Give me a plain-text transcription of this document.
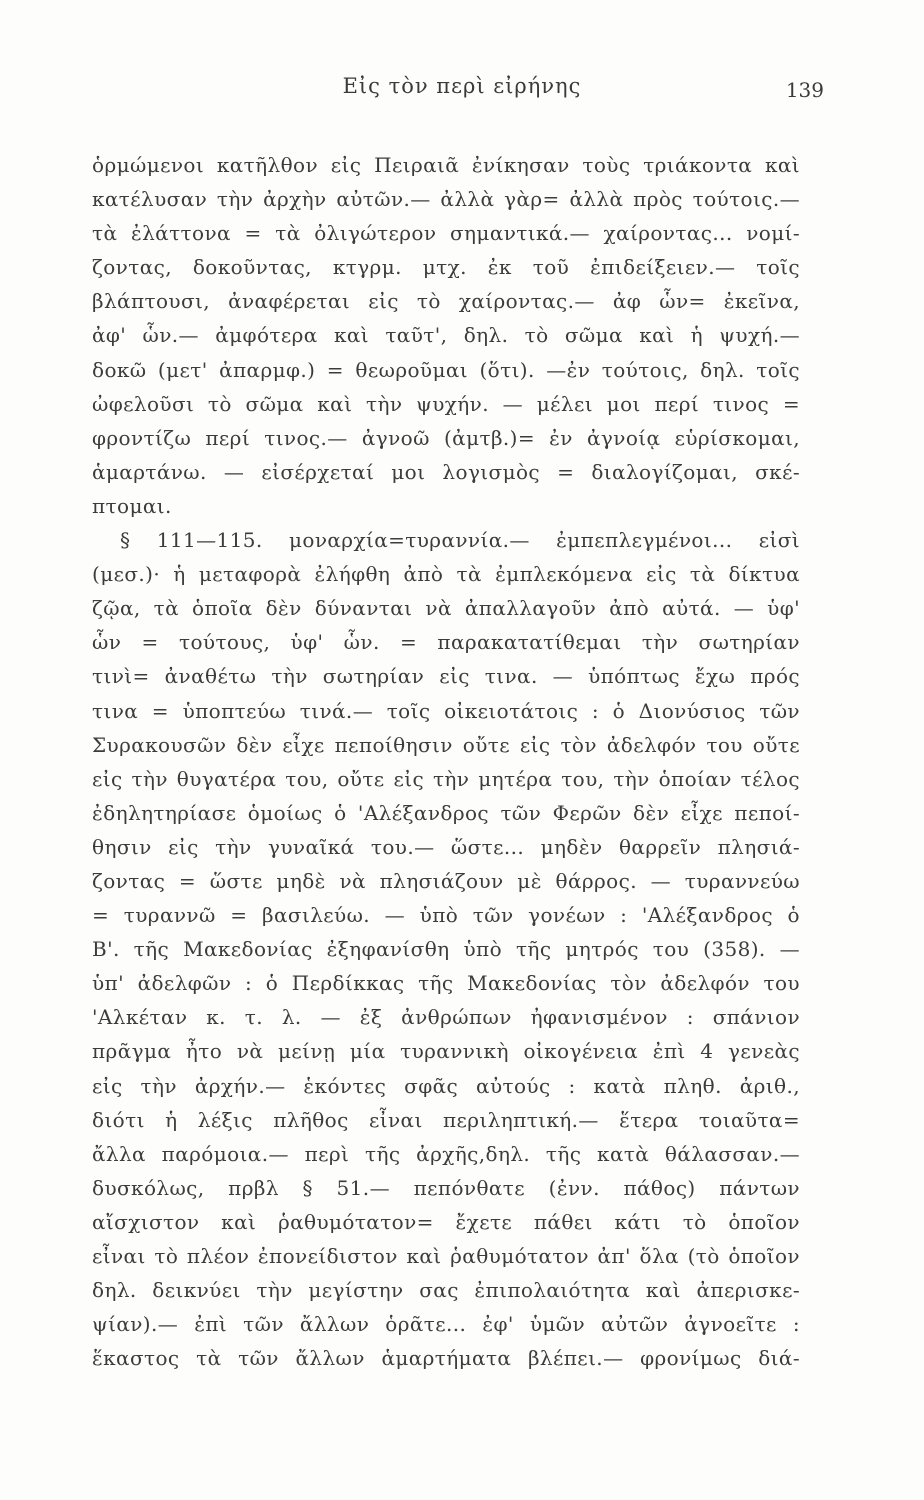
Εἰς τὸν περὶ εἰρήνης	139
ὁρμώμενοι κατῆλθον εἰς Πειραιᾶ ἐνίκησαν τοὺς τριάκοντα καὶ
κατέλυσαν τὴν ἀρχὴν αὐτῶν.— ἀλλὰ γὰρ= ἀλλὰ πρὸς τούτοις.—
τὰ ἐλάττονα = τὰ ὀλιγώτερον σημαντικά.— χαίροντας... νομί-
ζοντας, δοκοῦντας, κτγρμ. μτχ. ἐκ τοῦ ἐπιδείξειεν.— τοῖς
βλάπτουσι, ἀναφέρεται εἰς τὸ χαίροντας.— ἀφ ὧν= ἐκεῖνα,
ἀφ' ὧν.— ἀμφότερα καὶ ταῦτ', δηλ. τὸ σῶμα καὶ ἡ ψυχή.—
δοκῶ (μετ' ἀπαρμφ.) = θεωροῦμαι (ὅτι). —ἐν τούτοις, δηλ. τοῖς
ὠφελοῦσι τὸ σῶμα καὶ τὴν ψυχήν. — μέλει μοι περί τινος =
φροντίζω περί τινος.— ἀγνοῶ (ἀμτβ.)= ἐν ἀγνοίᾳ εὑρίσκομαι,
ἁμαρτάνω. — εἰσέρχεταί μοι λογισμὸς = διαλογίζομαι, σκέ-
πτομαι.
§ 111—115. μοναρχία=τυραννία.— ἐμπεπλεγμένοι... εἰσὶ
(μεσ.)· ἡ μεταφορὰ ἐλήφθη ἀπὸ τὰ ἐμπλεκόμενα εἰς τὰ δίκτυα
ζῷα, τὰ ὁποῖα δὲν δύνανται νὰ ἀπαλλαγοῦν ἀπὸ αὐτά. — ὑφ'
ὧν = τούτους, ὑφ' ὧν. = παρακατατίθεμαι τὴν σωτηρίαν
τινὶ= ἀναθέτω τὴν σωτηρίαν εἰς τινα. — ὑπόπτως ἔχω πρός
τινα = ὑποπτεύω τινά.— τοῖς οἰκειοτάτοις : ὁ Διονύσιος τῶν
Συρακουσῶν δὲν εἶχε πεποίθησιν οὔτε εἰς τὸν ἀδελφόν του οὔτε
εἰς τὴν θυγατέρα του, οὔτε εἰς τὴν μητέρα του, τὴν ὁποίαν τέλος
ἐδηλητηρίασε ὁμοίως ὁ 'Αλέξανδρος τῶν Φερῶν δὲν εἶχε πεποί-
θησιν εἰς τὴν γυναῖκά του.— ὥστε... μηδὲν θαρρεῖν πλησιά-
ζοντας = ὥστε μηδὲ νὰ πλησιάζουν μὲ θάρρος. — τυραννεύω
= τυραννῶ = βασιλεύω. — ὑπὸ τῶν γονέων : 'Αλέξανδρος ὁ
Β'. τῆς Μακεδονίας ἐξηφανίσθη ὑπὸ τῆς μητρός του (358). —
ὑπ' ἀδελφῶν : ὁ Περδίκκας τῆς Μακεδονίας τὸν ἀδελφόν του
'Αλκέταν κ. τ. λ. — ἐξ ἀνθρώπων ἠφανισμένον : σπάνιον
πρᾶγμα ἦτο νὰ μείνῃ μία τυραννικὴ οἰκογένεια ἐπὶ 4 γενεὰς
εἰς τὴν ἀρχήν.— ἑκόντες σφᾶς αὐτούς : κατὰ πληθ. ἀριθ.,
διότι ἡ λέξις πλῆθος εἶναι περιληπτική.— ἕτερα τοιαῦτα=
ἄλλα παρόμοια.— περὶ τῆς ἀρχῆς,δηλ. τῆς κατὰ θάλασσαν.—
δυσκόλως, πρβλ § 51.— πεπόνθατε (ἐνν. πάθος) πάντων
αἴσχιστον καὶ ῥαθυμότατον= ἔχετε πάθει κάτι τὸ ὁποῖον
εἶναι τὸ πλέον ἐπονείδιστον καὶ ῥαθυμότατον ἀπ' ὅλα (τὸ ὁποῖον
δηλ. δεικνύει τὴν μεγίστην σας ἐπιπολαιότητα καὶ ἀπερισκε-
ψίαν).— ἐπὶ τῶν ἄλλων ὁρᾶτε... ἐφ' ὑμῶν αὐτῶν ἀγνοεῖτε :
ἕκαστος τὰ τῶν ἄλλων ἁμαρτήματα βλέπει.— φρονίμως διά-
